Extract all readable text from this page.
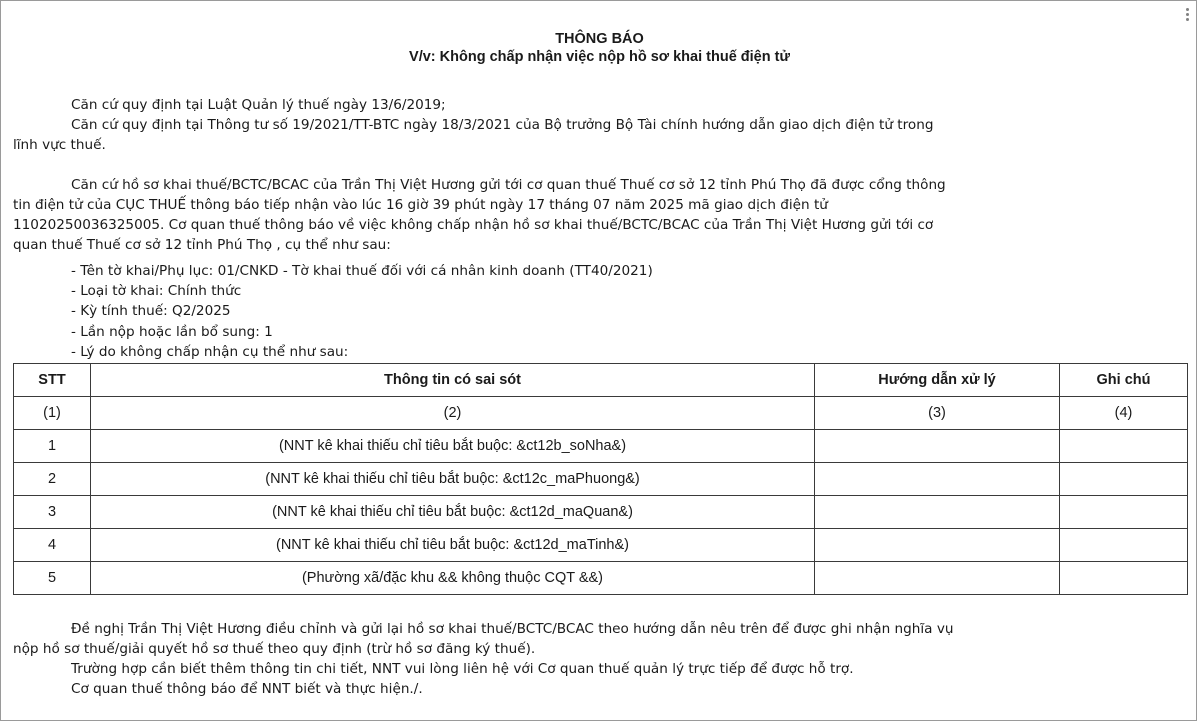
THÔNG BÁO
V/v: Không chấp nhận việc nộp hồ sơ khai thuế điện tử
Căn cứ quy định tại Luật Quản lý thuế ngày 13/6/2019;
Căn cứ quy định tại Thông tư số 19/2021/TT-BTC ngày 18/3/2021 của Bộ trưởng Bộ Tài chính hướng dẫn giao dịch điện tử trong
lĩnh vực thuế.
Căn cứ hồ sơ khai thuế/BCTC/BCAC của Trần Thị Việt Hương gửi tới cơ quan thuế Thuế cơ sở 12 tỉnh Phú Thọ đã được cổng thông
tin điện tử của CỤC THUẾ thông báo tiếp nhận vào lúc 16 giờ 39 phút ngày 17 tháng 07 năm 2025 mã giao dịch điện tử
11020250036325005. Cơ quan thuế thông báo về việc không chấp nhận hồ sơ khai thuế/BCTC/BCAC của Trần Thị Việt Hương gửi tới cơ
quan thuế Thuế cơ sở 12 tỉnh Phú Thọ , cụ thể như sau:
- Tên tờ khai/Phụ lục: 01/CNKD - Tờ khai thuế đối với cá nhân kinh doanh (TT40/2021)
- Loại tờ khai: Chính thức
- Kỳ tính thuế: Q2/2025
- Lần nộp hoặc lần bổ sung: 1
- Lý do không chấp nhận cụ thể như sau:
STT	Thông tin có sai sót	Hướng dẫn xử lý	Ghi chú
(1)	(2)	(3)	(4)
1	(NNT kê khai thiếu chỉ tiêu bắt buộc: &ct12b_soNha&)		
2	(NNT kê khai thiếu chỉ tiêu bắt buộc: &ct12c_maPhuong&)		
3	(NNT kê khai thiếu chỉ tiêu bắt buộc: &ct12d_maQuan&)		
4	(NNT kê khai thiếu chỉ tiêu bắt buộc: &ct12d_maTinh&)		
5	(Phường xã/đặc khu && không thuộc CQT &&)		
Đề nghị Trần Thị Việt Hương điều chỉnh và gửi lại hồ sơ khai thuế/BCTC/BCAC theo hướng dẫn nêu trên để được ghi nhận nghĩa vụ
nộp hồ sơ thuế/giải quyết hồ sơ thuế theo quy định (trừ hồ sơ đăng ký thuế).
Trường hợp cần biết thêm thông tin chi tiết, NNT vui lòng liên hệ với Cơ quan thuế quản lý trực tiếp để được hỗ trợ.
Cơ quan thuế thông báo để NNT biết và thực hiện./.
